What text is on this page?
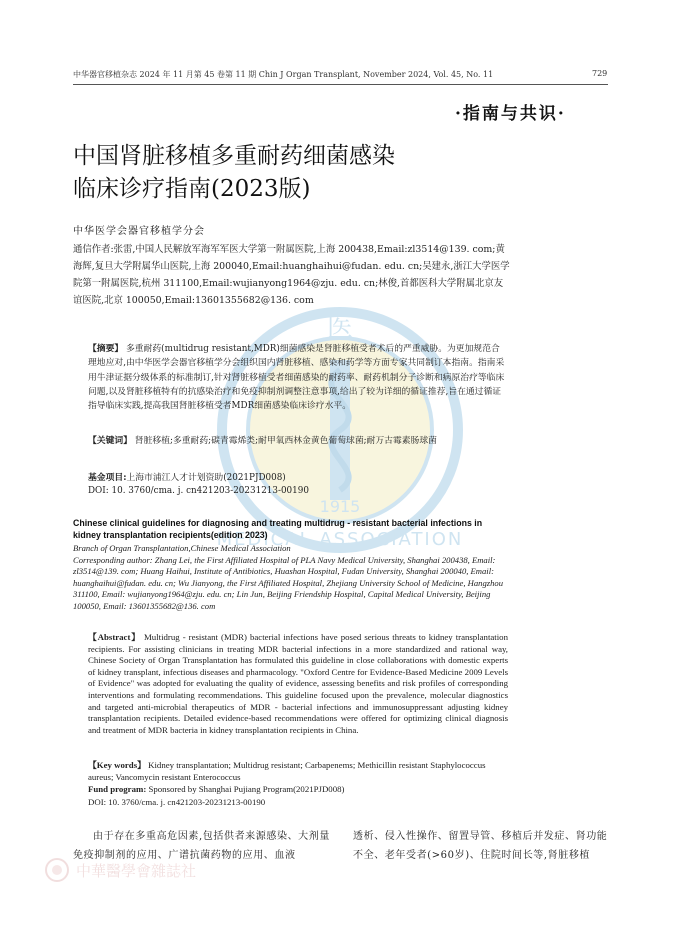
中华器官移植杂志 2024 年 11 月第 45 卷第 11 期 Chin J Organ Transplant, November 2024, Vol. 45, No. 11	729
医
1915
MEDICAL ASSOCIATION
·指南与共识·
中国肾脏移植多重耐药细菌感染
临床诊疗指南(2023版)
中华医学会器官移植学分会
通信作者:张雷,中国人民解放军海军军医大学第一附属医院,上海 200438,Email:zl3514@139. com;黄海辉,复旦大学附属华山医院,上海 200040,Email:huanghaihui@fudan. edu. cn;吴建永,浙江大学医学院第一附属医院,杭州 311100,Email:wujianyong1964@zju. edu. cn;林俊,首都医科大学附属北京友谊医院,北京 100050,Email:13601355682@136. com
【摘要】 多重耐药(multidrug resistant,MDR)细菌感染是肾脏移植受者术后的严重威胁。为更加规范合理地应对,由中华医学会器官移植学分会组织国内肾脏移植、感染和药学等方面专家共同制订本指南。指南采用牛津证据分级体系的标准制订,针对肾脏移植受者细菌感染的耐药率、耐药机制分子诊断和病原治疗等临床问题,以及肾脏移植特有的抗感染治疗和免疫抑制剂调整注意事项,给出了较为详细的循证推荐,旨在通过循证指导临床实践,提高我国肾脏移植受者MDR细菌感染临床诊疗水平。
【关键词】 肾脏移植;多重耐药;碳青霉烯类;耐甲氧西林金黄色葡萄球菌;耐万古霉素肠球菌
基金项目:上海市浦江人才计划资助(2021PJD008)
DOI: 10. 3760/cma. j. cn421203-20231213-00190
Chinese clinical guidelines for diagnosing and treating multidrug - resistant bacterial infections in kidney transplantation recipients(edition 2023)
Branch of Organ Transplantation,Chinese Medical Association
Corresponding author: Zhang Lei, the First Affiliated Hospital of PLA Navy Medical University, Shanghai 200438, Email: zl3514@139. com; Huang Haihui, Institute of Antibiotics, Huashan Hospital, Fudan University, Shanghai 200040, Email: huanghaihui@fudan. edu. cn; Wu Jianyong, the First Affiliated Hospital, Zhejiang University School of Medicine, Hangzhou 311100, Email: wujianyong1964@zju. edu. cn; Lin Jun, Beijing Friendship Hospital, Capital Medical University, Beijing 100050, Email: 13601355682@136. com
【Abstract】 Multidrug - resistant (MDR) bacterial infections have posed serious threats to kidney transplantation recipients. For assisting clinicians in treating MDR bacterial infections in a more standardized and rational way, Chinese Society of Organ Transplantation has formulated this guideline in close collaborations with domestic experts of kidney transplant, infectious diseases and pharmacology. "Oxford Centre for Evidence-Based Medicine 2009 Levels of Evidence" was adopted for evaluating the quality of evidence, assessing benefits and risk profiles of corresponding interventions and formulating recommendations. This guideline focused upon the prevalence, molecular diagnostics and targeted anti-microbial therapeutics of MDR - bacterial infections and immunosuppressant adjusting kidney transplantation recipients. Detailed evidence-based recommendations were offered for optimizing clinical diagnosis and treatment of MDR bacteria in kidney transplantation recipients in China.
【Key words】 Kidney transplantation; Multidrug resistant; Carbapenems; Methicillin resistant Staphylococcus aureus; Vancomycin resistant Enterococcus
Fund program: Sponsored by Shanghai Pujiang Program(2021PJD008)
DOI: 10. 3760/cma. j. cn421203-20231213-00190
由于存在多重高危因素,包括供者来源感染、大剂量免疫抑制剂的应用、广谱抗菌药物的应用、血液
透析、侵入性操作、留置导管、移植后并发症、肾功能不全、老年受者(>60岁)、住院时间长等,肾脏移植
中華醫學會雜誌社
